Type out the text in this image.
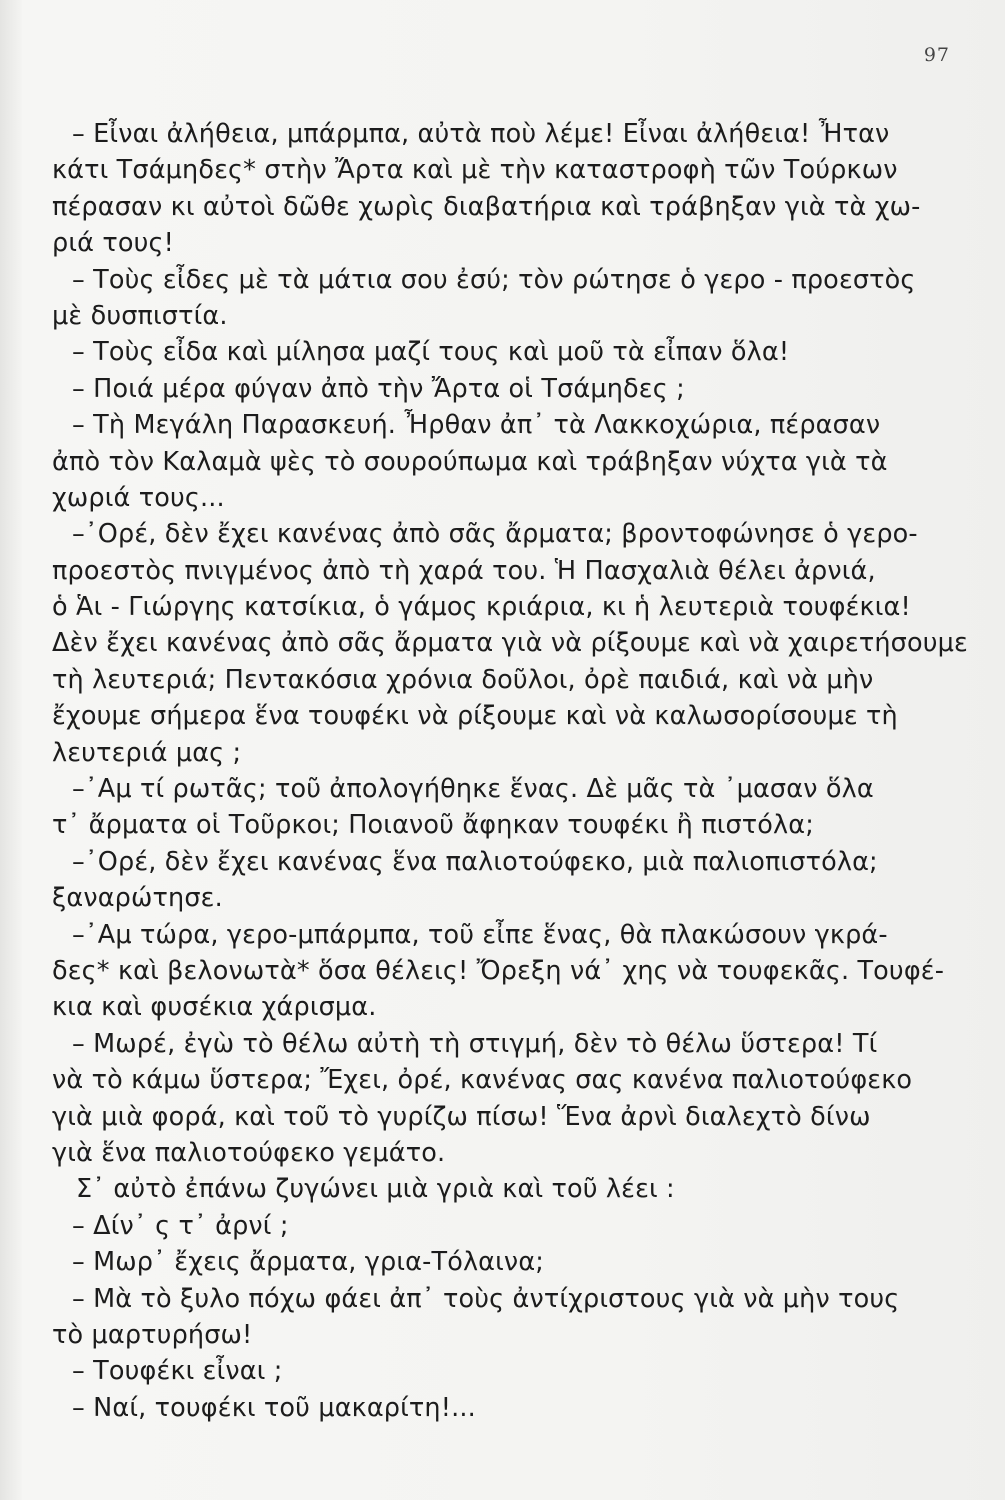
97
– Εἶναι ἀλήθεια, μπάρμπα, αὐτὰ ποὺ λέμε! Εἶναι ἀλήθεια! Ἦταν
κάτι Τσάμηδες* στὴν Ἄρτα καὶ μὲ τὴν καταστροφὴ τῶν Τούρκων
πέρασαν κι αὐτοὶ δῶθε χωρὶς διαβατήρια καὶ τράβηξαν γιὰ τὰ χω-
ριά τους!
– Τοὺς εἶδες μὲ τὰ μάτια σου ἐσύ; τὸν ρώτησε ὁ γερο - προεστὸς
μὲ δυσπιστία.
– Τοὺς εἶδα καὶ μίλησα μαζί τους καὶ μοῦ τὰ εἶπαν ὅλα!
– Ποιά μέρα φύγαν ἀπὸ τὴν Ἄρτα οἱ Τσάμηδες ;
– Τὴ Μεγάλη Παρασκευή. Ἦρθαν ἀπ᾽ τὰ Λακκοχώρια, πέρασαν
ἀπὸ τὸν Καλαμὰ ψὲς τὸ σουρούπωμα καὶ τράβηξαν νύχτα γιὰ τὰ
χωριά τους...
–᾽Ορέ, δὲν ἔχει κανένας ἀπὸ σᾶς ἄρματα; βροντοφώνησε ὁ γερο-
προεστὸς πνιγμένος ἀπὸ τὴ χαρά του. Ἡ Πασχαλιὰ θέλει ἀρνιά,
ὁ Ἁι - Γιώργης κατσίκια, ὁ γάμος κριάρια, κι ἡ λευτεριὰ τουφέκια!
Δὲν ἔχει κανένας ἀπὸ σᾶς ἄρματα γιὰ νὰ ρίξουμε καὶ νὰ χαιρετήσουμε
τὴ λευτεριά; Πεντακόσια χρόνια δοῦλοι, ὀρὲ παιδιά, καὶ νὰ μὴν
ἔχουμε σήμερα ἕνα τουφέκι νὰ ρίξουμε καὶ νὰ καλωσορίσουμε τὴ
λευτεριά μας ;
–᾽Αμ τί ρωτᾶς; τοῦ ἀπολογήθηκε ἕνας. Δὲ μᾶς τὰ ᾽μασαν ὅλα
τ᾽ ἄρματα οἱ Τοῦρκοι; Ποιανοῦ ἄφηκαν τουφέκι ἢ πιστόλα;
–᾽Ορέ, δὲν ἔχει κανένας ἕνα παλιοτούφεκο, μιὰ παλιοπιστόλα;
ξαναρώτησε.
–᾽Αμ τώρα, γερο-μπάρμπα, τοῦ εἶπε ἕνας, θὰ πλακώσουν γκρά-
δες* καὶ βελονωτὰ* ὅσα θέλεις! Ὄρεξη νά᾽ χης νὰ τουφεκᾶς. Τουφέ-
κια καὶ φυσέκια χάρισμα.
– Μωρέ, ἐγὼ τὸ θέλω αὐτὴ τὴ στιγμή, δὲν τὸ θέλω ὕστερα! Τί
νὰ τὸ κάμω ὕστερα; Ἔχει, ὀρέ, κανένας σας κανένα παλιοτούφεκο
γιὰ μιὰ φορά, καὶ τοῦ τὸ γυρίζω πίσω! Ἕνα ἀρνὶ διαλεχτὸ δίνω
γιὰ ἕνα παλιοτούφεκο γεμάτο.
Σ᾽ αὐτὸ ἐπάνω ζυγώνει μιὰ γριὰ καὶ τοῦ λέει :
– Δίν᾽ ς τ᾽ ἀρνί ;
– Μωρ᾽ ἔχεις ἄρματα, γρια-Τόλαινα;
– Μὰ τὸ ξυλο πόχω φάει ἀπ᾽ τοὺς ἀντίχριστους γιὰ νὰ μὴν τους
τὸ μαρτυρήσω!
– Τουφέκι εἶναι ;
– Ναί, τουφέκι τοῦ μακαρίτη!...
